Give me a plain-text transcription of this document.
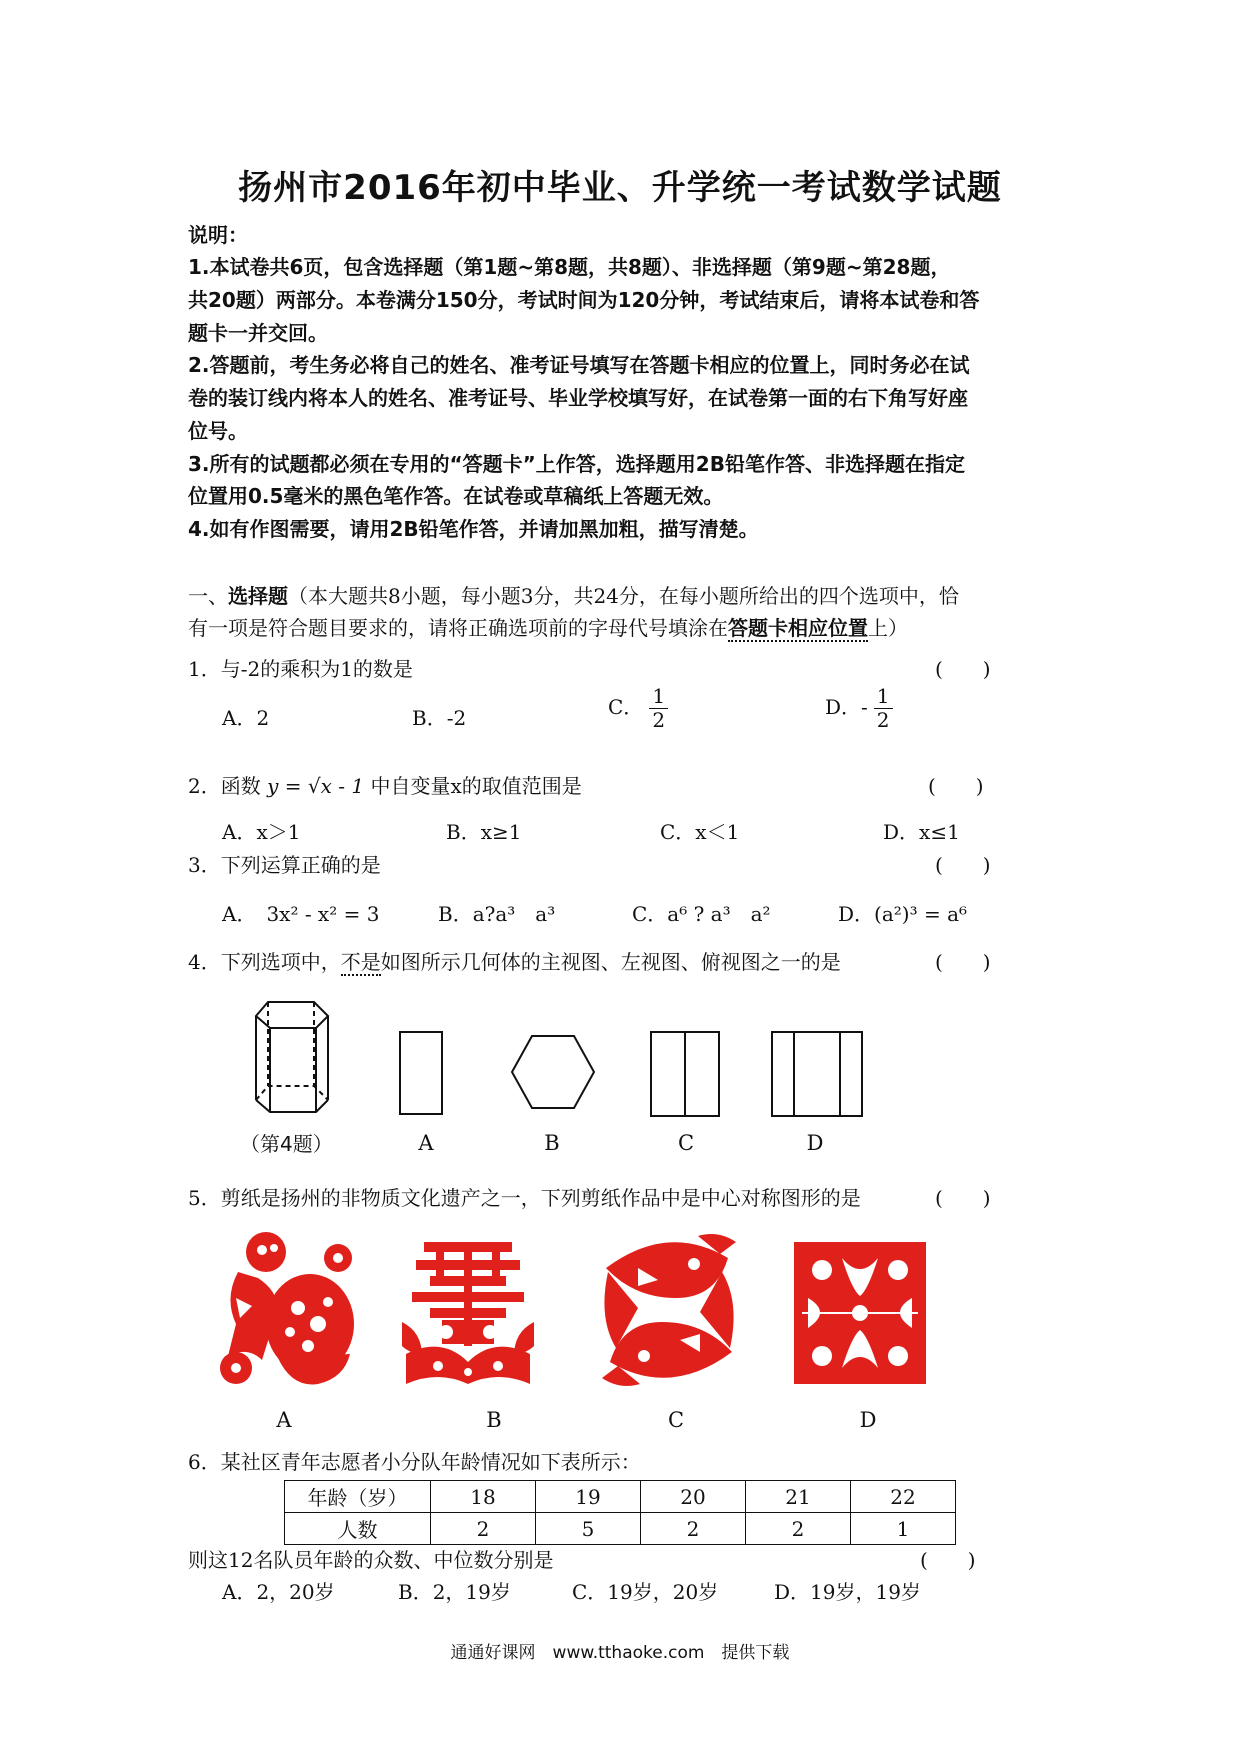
扬州市2016年初中毕业、升学统一考试数学试题
说明：
1.本试卷共6页，包含选择题（第1题~第8题，共8题）、非选择题（第9题~第28题，
共20题）两部分。本卷满分150分，考试时间为120分钟，考试结束后，请将本试卷和答
题卡一并交回。
2.答题前，考生务必将自己的姓名、准考证号填写在答题卡相应的位置上，同时务必在试
卷的装订线内将本人的姓名、准考证号、毕业学校填写好，在试卷第一面的右下角写好座
位号。
3.所有的试题都必须在专用的“答题卡”上作答，选择题用2B铅笔作答、非选择题在指定
位置用0.5毫米的黑色笔作答。在试卷或草稿纸上答题无效。
4.如有作图需要，请用2B铅笔作答，并请加黑加粗，描写清楚。
一、选择题（本大题共8小题，每小题3分，共24分，在每小题所给出的四个选项中，恰
有一项是符合题目要求的，请将正确选项前的字母代号填涂在答题卡相应位置上）
1．与-2的乘积为1的数是	(　　)
A．2	B．-2	C． $\frac{1}{2}$	D．- $\frac{1}{2}$
2．函数 y = √x - 1 中自变量x的取值范围是	(　　)
A．x＞1	B．x≥1	C．x＜1	D．x≤1
3．下列运算正确的是	(　　)
A．　3x² - x² = 3	B．a?a³　a³	C．a⁶ ? a³　a²	D．(a²)³ = a⁶
4．下列选项中，不是如图所示几何体的主视图、左视图、俯视图之一的是	(　　)
（第4题）	A	B	C	D
5．剪纸是扬州的非物质文化遗产之一，下列剪纸作品中是中心对称图形的是	(　　)
A	B	C	D
6．某社区青年志愿者小分队年龄情况如下表所示：
年龄（岁）	18	19	20	21	22
人数	2	5	2	2	1
则这12名队员年龄的众数、中位数分别是	(　　)
A．2，20岁	B．2，19岁	C．19岁，20岁	D．19岁，19岁
通通好课网　www.tthaoke.com　提供下载
